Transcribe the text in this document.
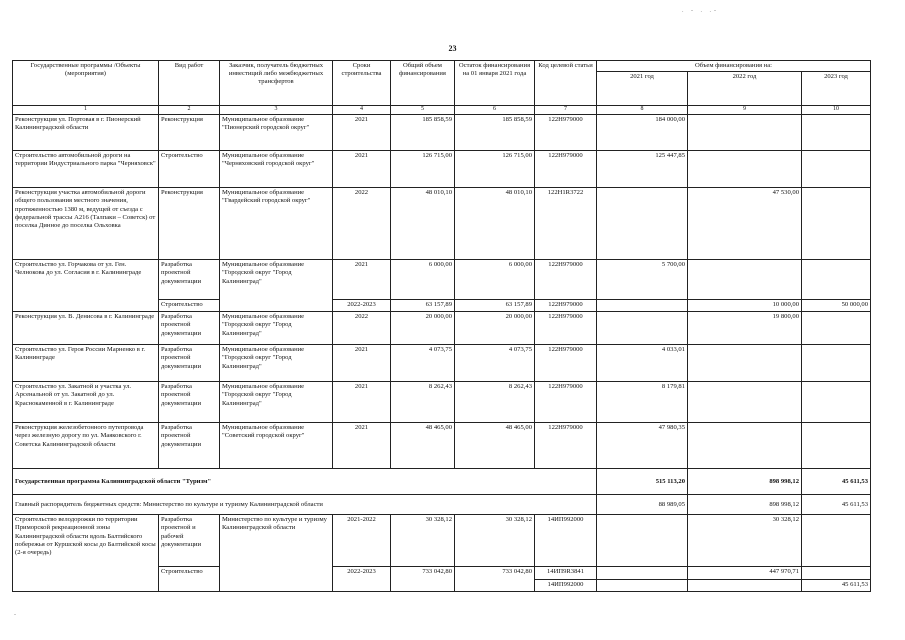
. - . .-
23
Государственные программы /Объекты (мероприятия)	Вид работ	Заказчик, получатель бюджетных инвестиций либо межбюджетных трансфертов	Сроки строительства	Общий объем финансирования	Остаток финансирования на 01 января 2021 года	Код целевой статьи	Объем финансирования на:		
							2021 год	2022 год	2023 год
1	2	3	4	5	6	7	8	9	10
Реконструкция ул. Портовая в г. Пионерский Калининградской области	Реконструкция	Муниципальное образование "Пионерский городской округ"	2021	185 858,59	185 858,59	122Н979000	184 000,00		
Строительство автомобильной дороги на территории Индустриального парка "Черняховск"	Строительство	Муниципальное образование "Черняховский городской округ"	2021	126 715,00	126 715,00	122Н979000	125 447,85		
Реконструкция участка автомобильной дороги общего пользования местного значения, протяженностью 1380 м, ведущей от съезда с федеральной трассы А216 (Талпаки – Советск) от поселка Динное до поселка Ольховка	Реконструкция	Муниципальное образование "Гвардейский городской округ"	2022	48 010,10	48 010,10	122Н1R3722		47 530,00	
Строительство ул. Горчакова от ул. Ген. Челнокова до ул. Согласия в г. Калининграде	Разработка проектной документации	Муниципальное образование "Городской округ "Город Калининград"	2021	6 000,00	6 000,00	122Н979000	5 700,00		
	Строительство		2022-2023	63 157,89	63 157,89	122Н979000		10 000,00	50 000,00
Реконструкция ул. В. Денисова в г. Калининграде	Разработка проектной документации	Муниципальное образование "Городской округ "Город Калининград"	2022	20 000,00	20 000,00	122Н979000		19 800,00	
Строительство ул. Героя России Марненко в г. Калининграде	Разработка проектной документации	Муниципальное образование "Городской округ "Город Калининград"	2021	4 073,75	4 073,75	122Н979000	4 033,01		
Строительство ул. Закатной и участка ул. Арсенальной от ул. Закатной до ул. Краснокаменной в г. Калининграде	Разработка проектной документации	Муниципальное образование "Городской округ "Город Калининград"	2021	8 262,43	8 262,43	122Н979000	8 179,81		
Реконструкция железобетонного путепровода через железную дорогу по ул. Маяковского г. Советска Калининградской области	Разработка проектной документации	Муниципальное образование "Советский городской округ"	2021	48 465,00	48 465,00	122Н979000	47 980,35		
Государственная программа Калининградской области "Туризм"							515 113,20	898 998,12	45 611,53
Главный распорядитель бюджетных средств: Министерство по культуре и туризму Калининградской области							88 989,05	898 998,12	45 611,53
Строительство велодорожки по территории Приморской рекреационной зоны Калининградской области вдоль Балтийского побережья от Куршской косы до Балтийской косы (2-я очередь)	Разработка проектной и рабочей документации	Министерство по культуре и туризму Калининградской области	2021-2022	30 328,12	30 328,12	14ИП992000		30 328,12	
	Строительство		2022-2023	733 042,80	733 042,80	14ИП9R3841		447 970,71	
						14ИП992000			45 611,53
-
